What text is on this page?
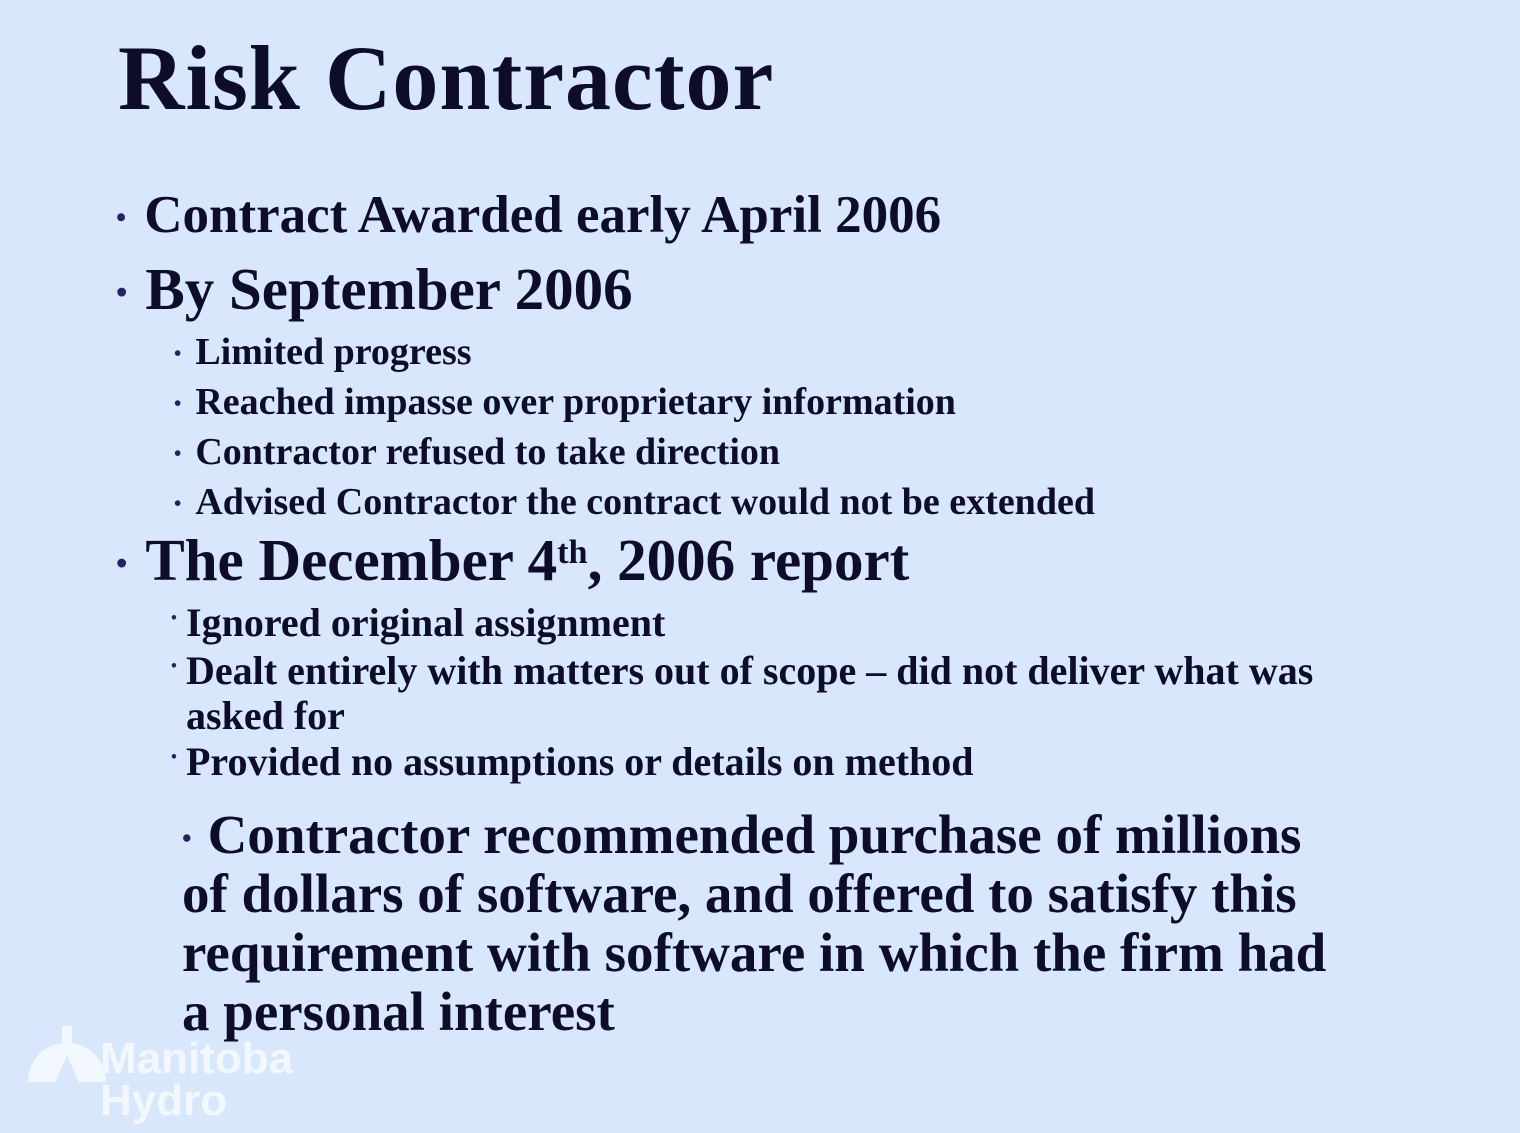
Risk Contractor
• Contract Awarded early April 2006
• By September 2006
• Limited progress
• Reached impasse over proprietary information
• Contractor refused to take direction
• Advised Contractor the contract would not be extended
• The December 4th, 2006 report
• Ignored original assignment
• Dealt entirely with matters out of scope – did not deliver what was
asked for
• Provided no assumptions or details on method
• Contractor recommended purchase of millions
of dollars of software, and offered to satisfy this
requirement with software in which the firm had
a personal interest
Manitoba
Hydro
